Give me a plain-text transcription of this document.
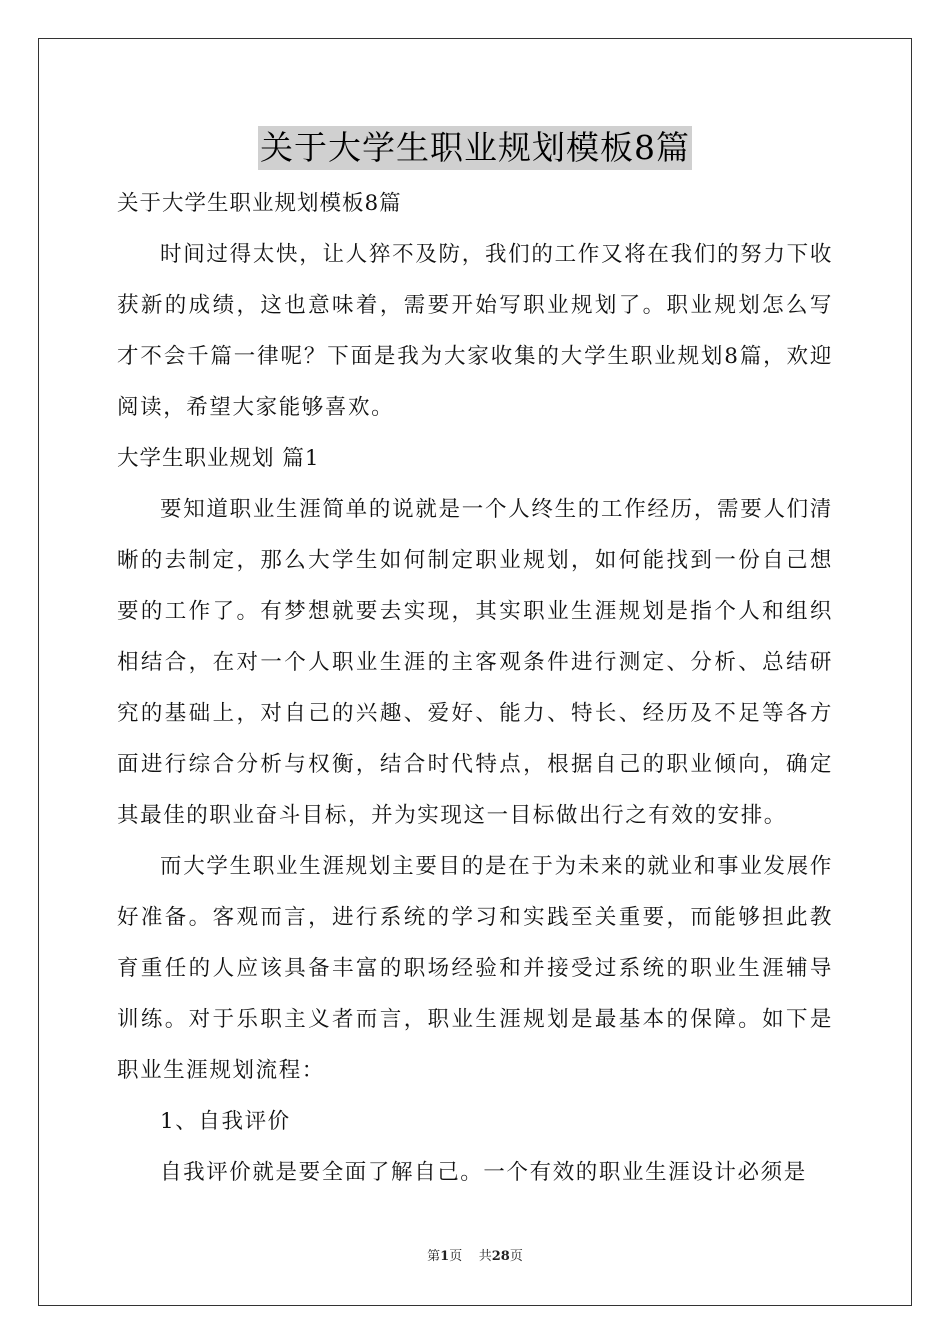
关于大学生职业规划模板8篇

关于大学生职业规划模板8篇

时间过得太快，让人猝不及防，我们的工作又将在我们的努力下收获新的成绩，这也意味着，需要开始写职业规划了。职业规划怎么写才不会千篇一律呢？下面是我为大家收集的大学生职业规划8篇，欢迎阅读，希望大家能够喜欢。

大学生职业规划 篇1

要知道职业生涯简单的说就是一个人终生的工作经历，需要人们清晰的去制定，那么大学生如何制定职业规划，如何能找到一份自己想要的工作了。有梦想就要去实现，其实职业生涯规划是指个人和组织相结合，在对一个人职业生涯的主客观条件进行测定、分析、总结研究的基础上，对自己的兴趣、爱好、能力、特长、经历及不足等各方面进行综合分析与权衡，结合时代特点，根据自己的职业倾向，确定其最佳的职业奋斗目标，并为实现这一目标做出行之有效的安排。

而大学生职业生涯规划主要目的是在于为未来的就业和事业发展作好准备。客观而言，进行系统的学习和实践至关重要，而能够担此教育重任的人应该具备丰富的职场经验和并接受过系统的职业生涯辅导训练。对于乐职主义者而言，职业生涯规划是最基本的保障。如下是职业生涯规划流程：

1、自我评价

自我评价就是要全面了解自己。一个有效的职业生涯设计必须是

第1页 共28页
